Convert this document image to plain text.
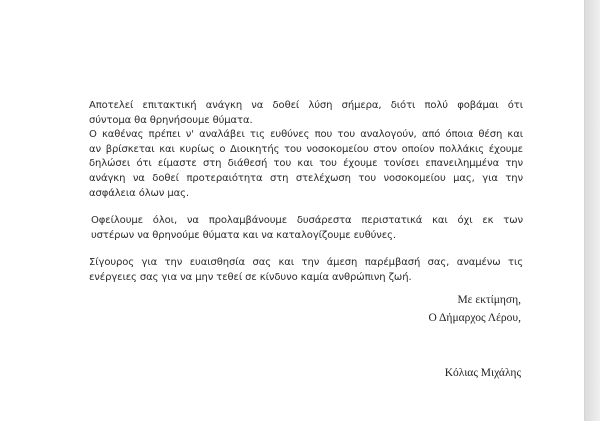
Αποτελεί επιτακτική ανάγκη να δοθεί λύση σήμερα, διότι πολύ φοβάμαι ότι
σύντομα θα θρηνήσουμε θύματα.

Ο καθένας πρέπει ν' αναλάβει τις ευθύνες που του αναλογούν, από όποια θέση και
αν βρίσκεται και κυρίως ο Διοικητής του νοσοκομείου στον οποίον πολλάκις έχουμε
δηλώσει ότι είμαστε στη διάθεσή του και του έχουμε τονίσει επανειλημμένα την
ανάγκη να δοθεί προτεραιότητα στη στελέχωση του νοσοκομείου μας, για την
ασφάλεια όλων μας.

Οφείλουμε όλοι, να προλαμβάνουμε δυσάρεστα περιστατικά και όχι εκ των
υστέρων να θρηνούμε θύματα και να καταλογίζουμε ευθύνες.

Σίγουρος για την ευαισθησία σας και την άμεση παρέμβασή σας, αναμένω τις
ενέργειες σας για να μην τεθεί σε κίνδυνο καμία ανθρώπινη ζωή.

Με εκτίμηση,
Ο Δήμαρχος Λέρου,
Κόλιας Μιχάλης
